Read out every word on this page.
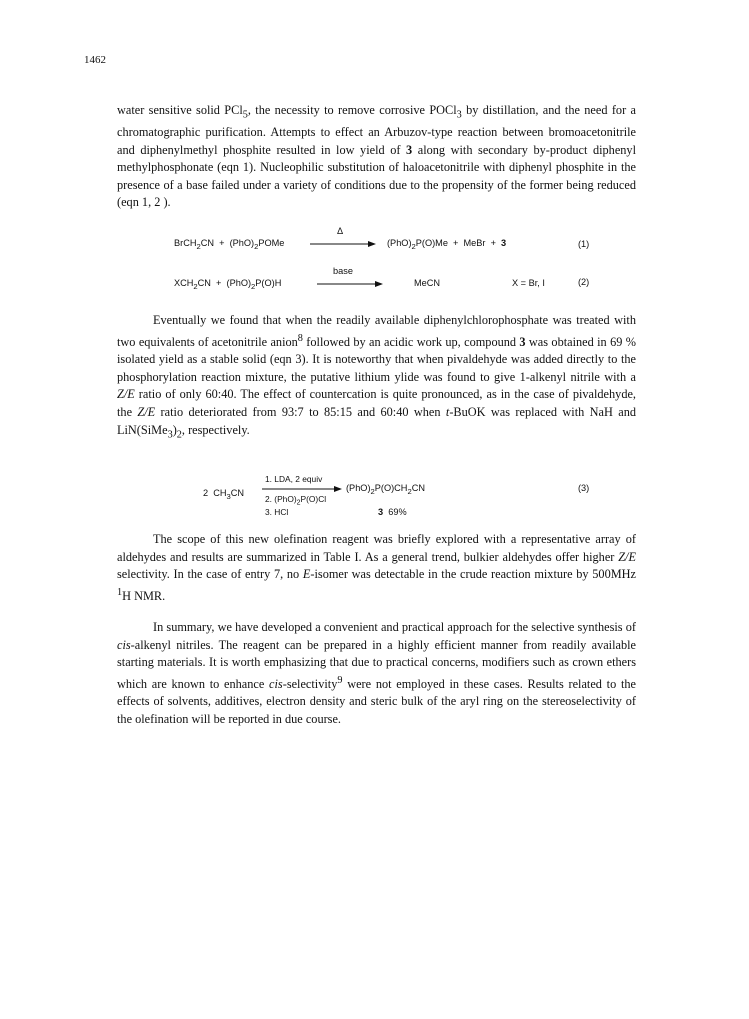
1462

water sensitive solid PCl$_5$, the necessity to remove corrosive POCl$_3$ by distillation, and the need for a chromatographic purification. Attempts to effect an Arbuzov-type reaction between bromoacetonitrile and diphenylmethyl phosphite resulted in low yield of 3 along with secondary by-product diphenyl methylphosphonate (eqn 1). Nucleophilic substitution of haloacetonitrile with diphenyl phosphite in the presence of a base failed under a variety of conditions due to the propensity of the former being reduced (eqn 1, 2 ).

BrCH$_2$CN  +  $(PhO)_2POMe$
Δ
$(PhO)_2P(O)Me$  +  MeBr  +  3	(1)
$XCH_2CN + (PhO)_2P(O)H$
base
MeCN	X = Br, I	(2)

Eventually we found that when the readily available diphenylchlorophosphate was treated with two equivalents of acetonitrile anion$^8$ followed by an acidic work up, compound 3 was obtained in 69 % isolated yield as a stable solid (eqn 3). It is noteworthy that when pivaldehyde was added directly to the phosphorylation reaction mixture, the putative lithium ylide was found to give 1-alkenyl nitrile with a Z/E ratio of only 60:40. The effect of countercation is quite pronounced, as in the case of pivaldehyde, the Z/E ratio deteriorated from 93:7 to 85:15 and 60:40 when t-BuOK was replaced with NaH and $LiN(SiMe_3)_2$, respectively.

2  $CH_3CN$
1. LDA, 2 equiv
2. $(PhO)_2P(O)Cl$
3. HCl
$(PhO)_2P(O)CH_2CN$
3  69%
(3)

The scope of this new olefination reagent was briefly explored with a representative array of aldehydes and results are summarized in Table I. As a general trend, bulkier aldehydes offer higher Z/E selectivity. In the case of entry 7, no E-isomer was detectable in the crude reaction mixture by 500MHz $^1$H NMR.

In summary, we have developed a convenient and practical approach for the selective synthesis of cis-alkenyl nitriles. The reagent can be prepared in a highly efficient manner from readily available starting materials. It is worth emphasizing that due to practical concerns, modifiers such as crown ethers which are known to enhance cis-selectivity$^9$ were not employed in these cases. Results related to the effects of solvents, additives, electron density and steric bulk of the aryl ring on the stereoselectivity of the olefination will be reported in due course.
